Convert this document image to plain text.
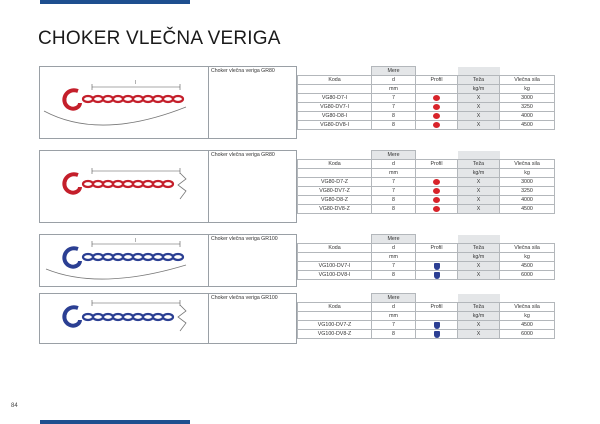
CHOKER VLEČNA VERIGA
l
Choker vlečna veriga GR80
		Mere			
Koda	d	Profil	Teža	Vlečna sila
	mm		kg/m	kg
VG80-D7-I	7		X	3000
VG80-DV7-I	7		X	3250
VG80-D8-I	8		X	4000
VG80-DV8-I	8		X	4500
Choker vlečna veriga GR80
		Mere			
Koda	d	Profil	Teža	Vlečna sila
	mm		kg/m	kg
VG80-D7-Z	7		X	3000
VG80-DV7-Z	7		X	3250
VG80-D8-Z	8		X	4000
VG80-DV8-Z	8		X	4500
l	Choker vlečna veriga GR100
		Mere			
Koda	d	Profil	Teža	Vlečna sila
	mm		kg/m	kg
VG100-DV7-I	7		X	4500
VG100-DV8-I	8		X	6000
Choker vlečna veriga GR100
		Mere			
Koda	d	Profil	Teža	Vlečna sila
	mm		kg/m	kg
VG100-DV7-Z	7		X	4500
VG100-DV8-Z	8		X	6000
84
